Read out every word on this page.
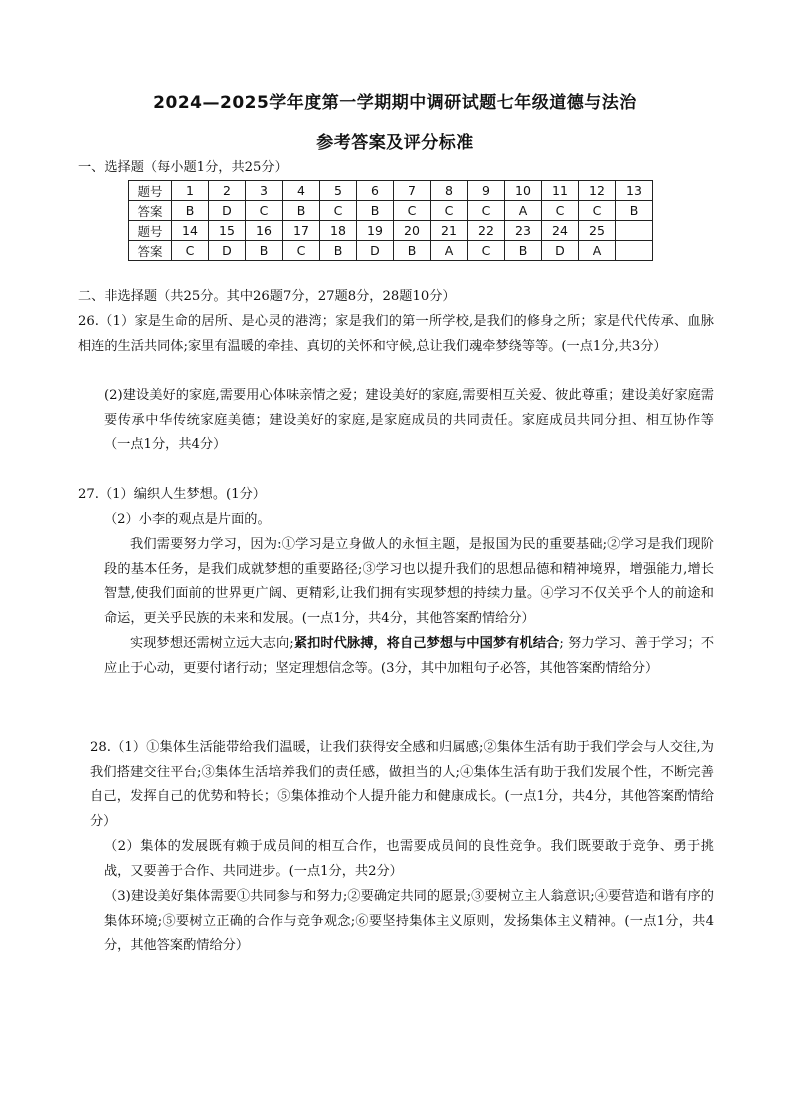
2024—2025学年度第一学期期中调研试题七年级道德与法治
参考答案及评分标准
一、选择题（每小题1分，共25分）
题号	1	2	3	4	5	6	7	8	9	10	11	12	13
答案	B	D	C	B	C	B	C	C	C	A	C	C	B
题号	14	15	16	17	18	19	20	21	22	23	24	25	
答案	C	D	B	C	B	D	B	A	C	B	D	A	
二、非选择题（共25分。其中26题7分，27题8分，28题10分）
26.（1）家是生命的居所、是心灵的港湾；家是我们的第一所学校,是我们的修身之所；家是代代传承、血脉相连的生活共同体;家里有温暖的牵挂、真切的关怀和守候,总让我们魂牵梦绕等等。(一点1分,共3分）
(2)建设美好的家庭,需要用心体味亲情之爱；建设美好的家庭,需要相互关爱、彼此尊重；建设美好家庭需要传承中华传统家庭美德；建设美好的家庭,是家庭成员的共同责任。家庭成员共同分担、相互协作等（一点1分，共4分）
27.（1）编织人生梦想。(1分）
（2）小李的观点是片面的。
我们需要努力学习，因为:①学习是立身做人的永恒主题，是报国为民的重要基础;②学习是我们现阶段的基本任务，是我们成就梦想的重要路径;③学习也以提升我们的思想品德和精神境界，增强能力,增长智慧,使我们面前的世界更广阔、更精彩,让我们拥有实现梦想的持续力量。④学习不仅关乎个人的前途和命运，更关乎民族的未来和发展。(一点1分，共4分，其他答案酌情给分）
实现梦想还需树立远大志向;紧扣时代脉搏，将自己梦想与中国梦有机结合; 努力学习、善于学习；不应止于心动，更要付诸行动；坚定理想信念等。(3分，其中加粗句子必答，其他答案酌情给分）
28.（1）①集体生活能带给我们温暖，让我们获得安全感和归属感;②集体生活有助于我们学会与人交往,为我们搭建交往平台;③集体生活培养我们的责任感，做担当的人;④集体生活有助于我们发展个性，不断完善自己，发挥自己的优势和特长；⑤集体推动个人提升能力和健康成长。(一点1分，共4分，其他答案酌情给分）
（2）集体的发展既有赖于成员间的相互合作，也需要成员间的良性竞争。我们既要敢于竞争、勇于挑战，又要善于合作、共同进步。(一点1分，共2分）
（3)建设美好集体需要①共同参与和努力;②要确定共同的愿景;③要树立主人翁意识;④要营造和谐有序的集体环境;⑤要树立正确的合作与竞争观念;⑥要坚持集体主义原则，发扬集体主义精神。(一点1分，共4分，其他答案酌情给分）
